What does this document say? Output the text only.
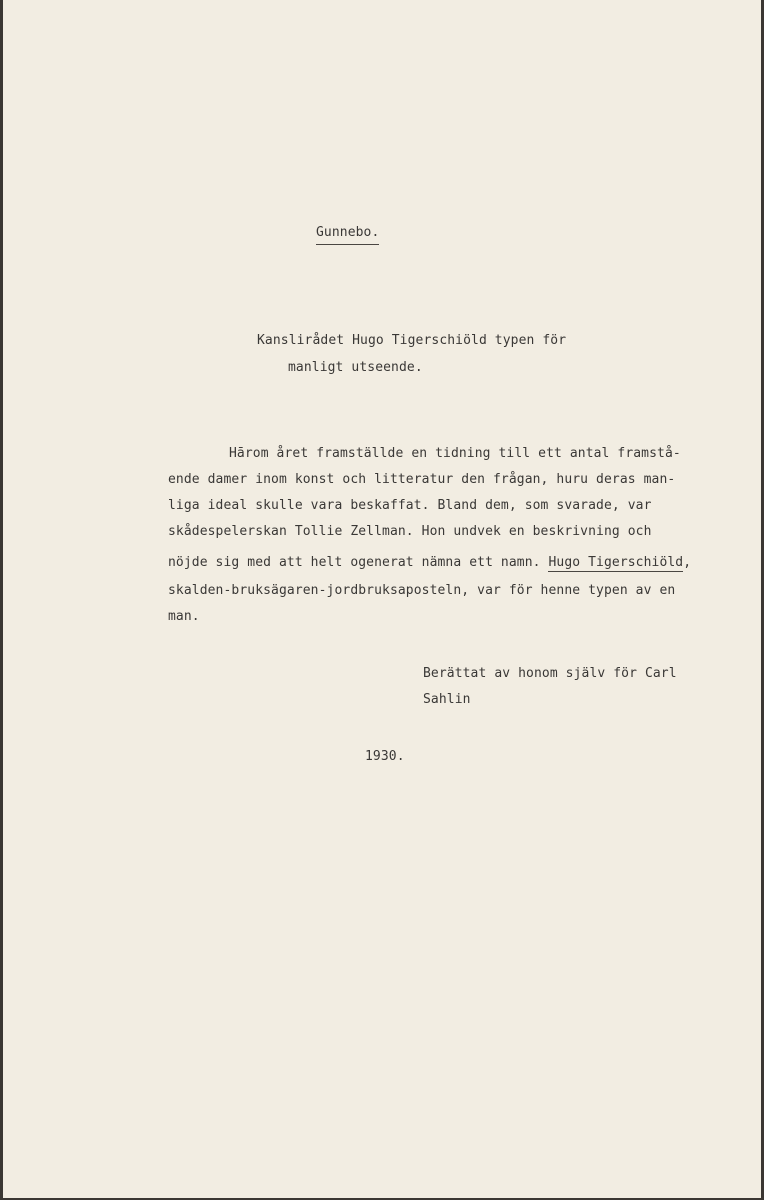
Gunnebo.
Kanslirådet Hugo Tigerschiöld typen för
manligt utseende.
Hārom året framställde en tidning till ett antal framstå-
ende damer inom konst och litteratur den frågan, huru deras man-
liga ideal skulle vara beskaffat. Bland dem, som svarade, var
skådespelerskan Tollie Zellman. Hon undvek en beskrivning och
nöjde sig med att helt ogenerat nämna ett namn. Hugo Tigerschiöld,
skalden-bruksägaren-jordbruksaposteln, var för henne typen av en
man.
Berättat av honom själv för Carl
Sahlin
1930.
